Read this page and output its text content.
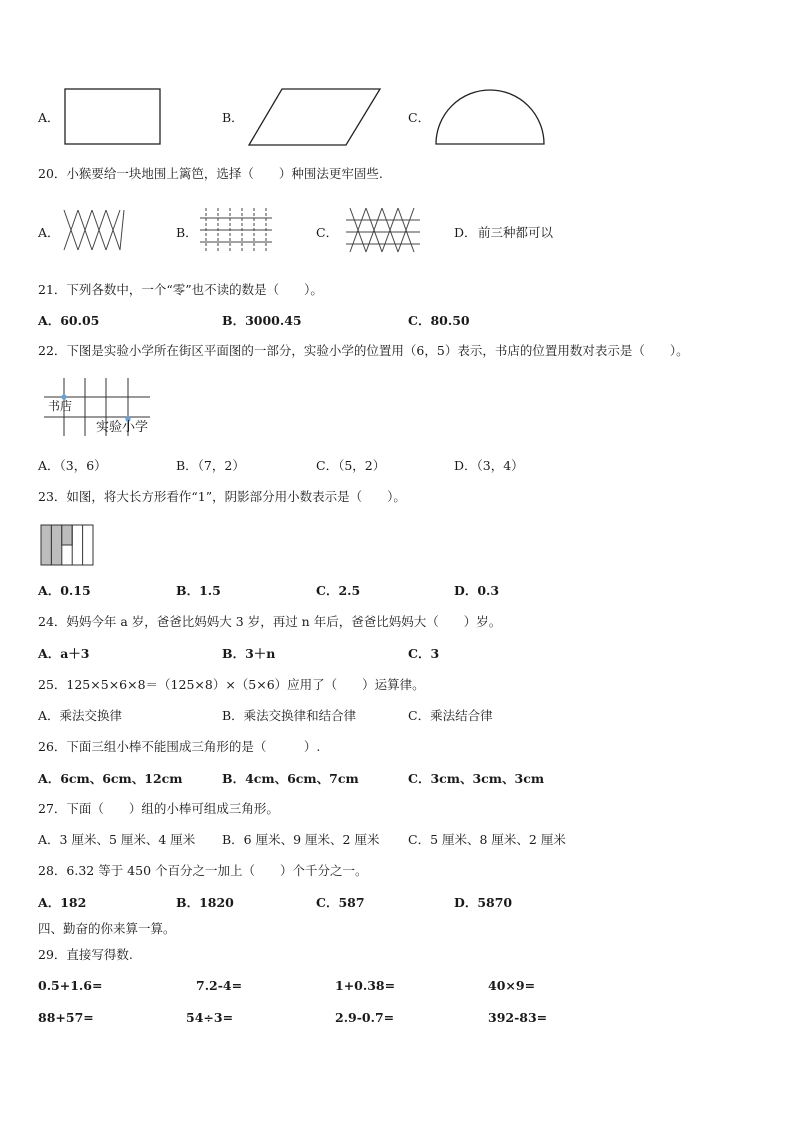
A．	B．	C．
20．小猴要给一块地围上篱笆，选择（　　）种围法更牢固些.
A．	B．	C．	D． 前三种都可以
21．下列各数中，一个“零”也不读的数是（　　）。
A．60.05	B．3000.45	C．80.50
22．下图是实验小学所在街区平面图的一部分，实验小学的位置用（6，5）表示，书店的位置用数对表示是（　　）。
书店
实验小学
A．（3，6）	B．（7，2）	C．（5，2）	D．（3，4）
23．如图，将大长方形看作“1”，阴影部分用小数表示是（　　）。
A．0.15	B．1.5	C．2.5	D．0.3
24．妈妈今年 a 岁，爸爸比妈妈大 3 岁，再过 n 年后，爸爸比妈妈大（　　）岁。
A．a＋3	B．3＋n	C．3
25．125×5×6×8＝（125×8）×（5×6）应用了（　　）运算律。
A．乘法交换律	B．乘法交换律和结合律	C．乘法结合律
26．下面三组小棒不能围成三角形的是（　　　）.
A．6cm、6cm、12cm	B．4cm、6cm、7cm	C．3cm、3cm、3cm
27．下面（　　）组的小棒可组成三角形。
A．3 厘米、5 厘米、4 厘米 B．6 厘米、9 厘米、2 厘米 C．5 厘米、8 厘米、2 厘米
28．6.32 等于 450 个百分之一加上（　　）个千分之一。
A．182	B．1820	C．587	D．5870
四、勤奋的你来算一算。
29．直接写得数.
0.5+1.6=	7.2-4=	1+0.38=	40×9=
88+57=	54÷3=	2.9-0.7=	392-83=
